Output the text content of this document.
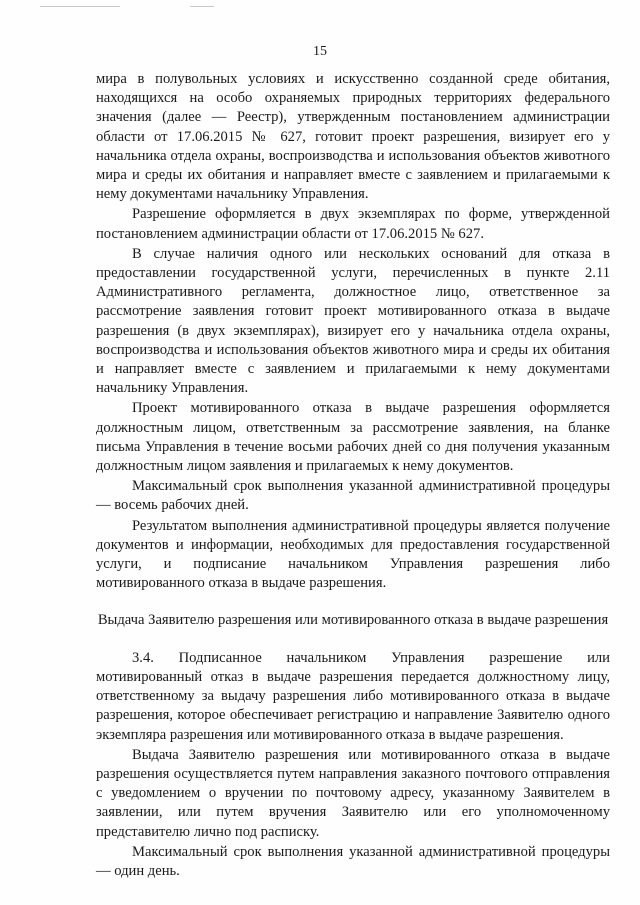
15

мира в полувольных условиях и искусственно созданной среде обитания, находящихся на особо охраняемых природных территориях федерального значения (далее — Реестр), утвержденным постановлением администрации области от 17.06.2015 № 627, готовит проект разрешения, визирует его у начальника отдела охраны, воспроизводства и использования объектов животного мира и среды их обитания и направляет вместе с заявлением и прилагаемыми к нему документами начальнику Управления.

Разрешение оформляется в двух экземплярах по форме, утвержденной постановлением администрации области от 17.06.2015 № 627.

В случае наличия одного или нескольких оснований для отказа в предоставлении государственной услуги, перечисленных в пункте 2.11 Административного регламента, должностное лицо, ответственное за рассмотрение заявления готовит проект мотивированного отказа в выдаче разрешения (в двух экземплярах), визирует его у начальника отдела охраны, воспроизводства и использования объектов животного мира и среды их обитания и направляет вместе с заявлением и прилагаемыми к нему документами начальнику Управления.

Проект мотивированного отказа в выдаче разрешения оформляется должностным лицом, ответственным за рассмотрение заявления, на бланке письма Управления в течение восьми рабочих дней со дня получения указанным должностным лицом заявления и прилагаемых к нему документов.

Максимальный срок выполнения указанной административной процедуры — восемь рабочих дней.

Результатом выполнения административной процедуры является получение документов и информации, необходимых для предоставления государственной услуги, и подписание начальником Управления разрешения либо мотивированного отказа в выдаче разрешения.

Выдача Заявителю разрешения или мотивированного отказа в выдаче разрешения

3.4. Подписанное начальником Управления разрешение или мотивированный отказ в выдаче разрешения передается должностному лицу, ответственному за выдачу разрешения либо мотивированного отказа в выдаче разрешения, которое обеспечивает регистрацию и направление Заявителю одного экземпляра разрешения или мотивированного отказа в выдаче разрешения.

Выдача Заявителю разрешения или мотивированного отказа в выдаче разрешения осуществляется путем направления заказного почтового отправления с уведомлением о вручении по почтовому адресу, указанному Заявителем в заявлении, или путем вручения Заявителю или его уполномоченному представителю лично под расписку.

Максимальный срок выполнения указанной административной процедуры — один день.
